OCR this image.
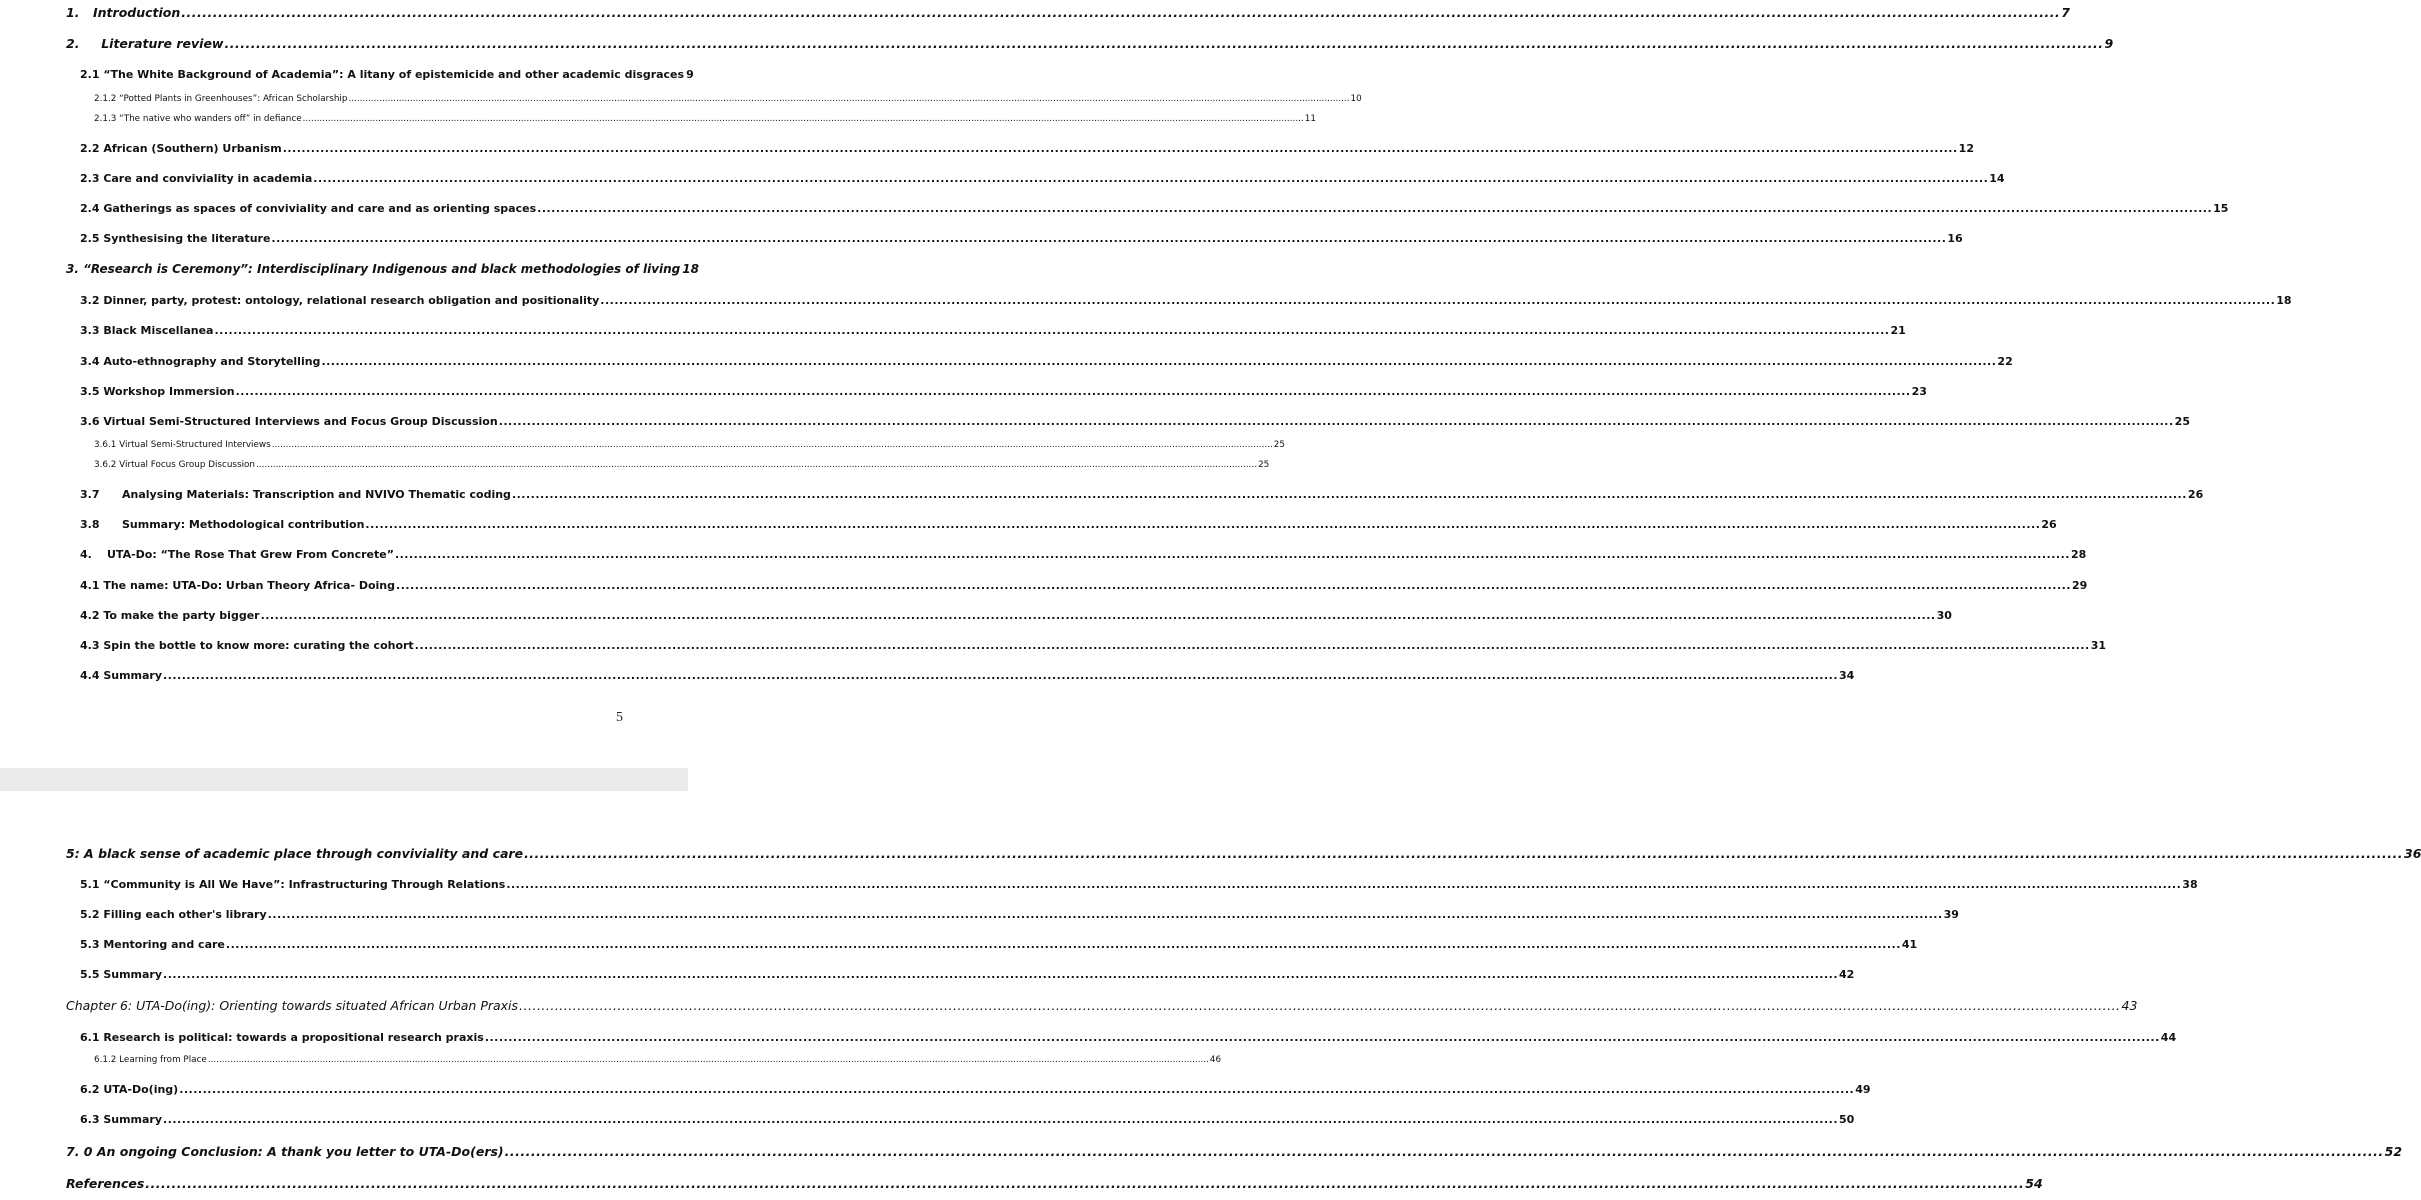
1.	Introduction .....	7
2.     Literature review .....	9
2.1 “The White Background of Academia”: A litany of epistemicide and other academic disgraces 9
2.1.2 “Potted Plants in Greenhouses”: African Scholarship .....	10
2.1.3 “The native who wanders off” in defiance .....	11
2.2 African (Southern) Urbanism .....	12
2.3 Care and conviviality in academia .....	14
2.4 Gatherings as spaces of conviviality and care and as orienting spaces .....	15
2.5 Synthesising the literature .....	16
3. “Research is Ceremony”: Interdisciplinary Indigenous and black methodologies of living 18
3.2 Dinner, party, protest: ontology, relational research obligation and positionality .....	18
3.3 Black Miscellanea .....	21
3.4 Auto-ethnography and Storytelling .....	22
3.5 Workshop Immersion .....	23
3.6 Virtual Semi-Structured Interviews and Focus Group Discussion .....	25
3.6.1 Virtual Semi-Structured Interviews .....	25
3.6.2 Virtual Focus Group Discussion .....	25
3.7	Analysing Materials: Transcription and NVIVO Thematic coding .....	26
3.8	Summary: Methodological contribution .....	26
4.	UTA-Do: “The Rose That Grew From Concrete” .....	28
4.1 The name: UTA-Do: Urban Theory Africa- Doing .....	29
4.2 To make the party bigger .....	30
4.3 Spin the bottle to know more: curating the cohort .....	31
4.4 Summary .....	34
5
5: A black sense of academic place through conviviality and care .....	36
5.1 “Community is All We Have”: Infrastructuring Through Relations .....	38
5.2 Filling each other's library .....	39
5.3 Mentoring and care .....	41
5.5 Summary .....	42
Chapter 6: UTA-Do(ing): Orienting towards situated African Urban Praxis .....	43
6.1 Research is political: towards a propositional research praxis .....	44
6.1.2 Learning from Place .....	46
6.2 UTA-Do(ing) .....	49
6.3 Summary .....	50
7. 0 An ongoing Conclusion: A thank you letter to UTA-Do(ers) .....	52
References .....	54
